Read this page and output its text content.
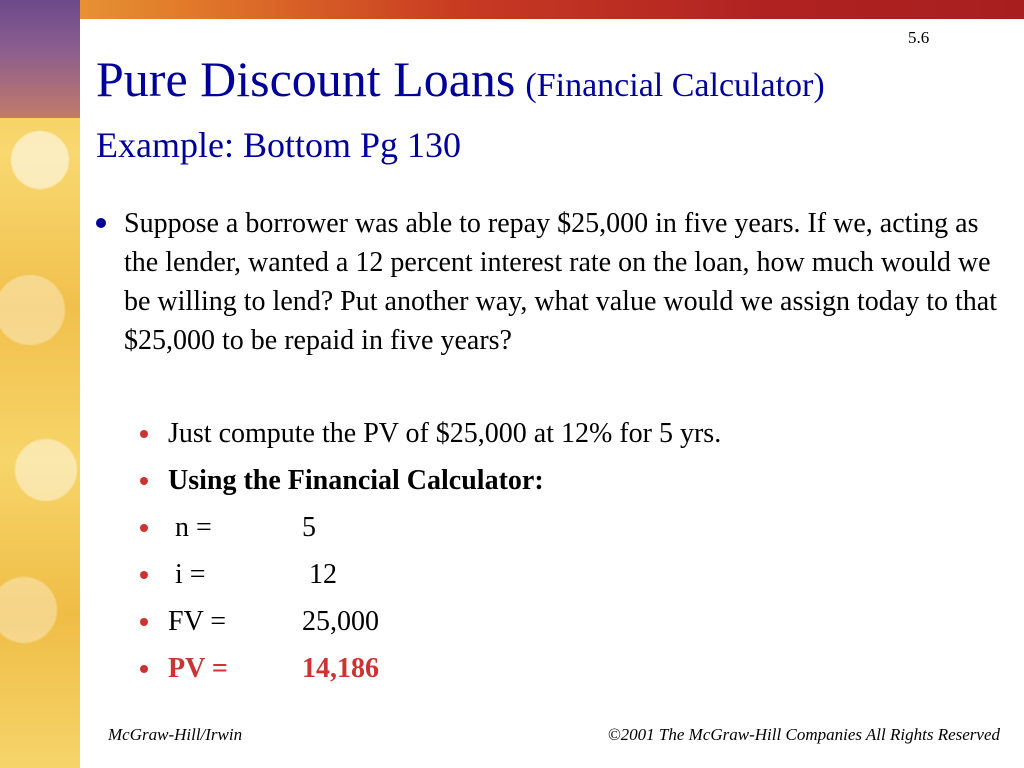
5.6
Pure Discount Loans (Financial Calculator)
Example: Bottom Pg 130
Suppose a borrower was able to repay $25,000 in five years. If we, acting as the lender, wanted a 12 percent interest rate on the loan, how much would we be willing to lend? Put another way, what value would we assign today to that $25,000 to be repaid in five years?
Just compute the PV of $25,000 at 12% for 5 yrs.
Using the Financial Calculator:
n =	5
i =	12
FV =	25,000
PV =	14,186
McGraw-Hill/Irwin	©2001 The McGraw-Hill Companies All Rights Reserved
